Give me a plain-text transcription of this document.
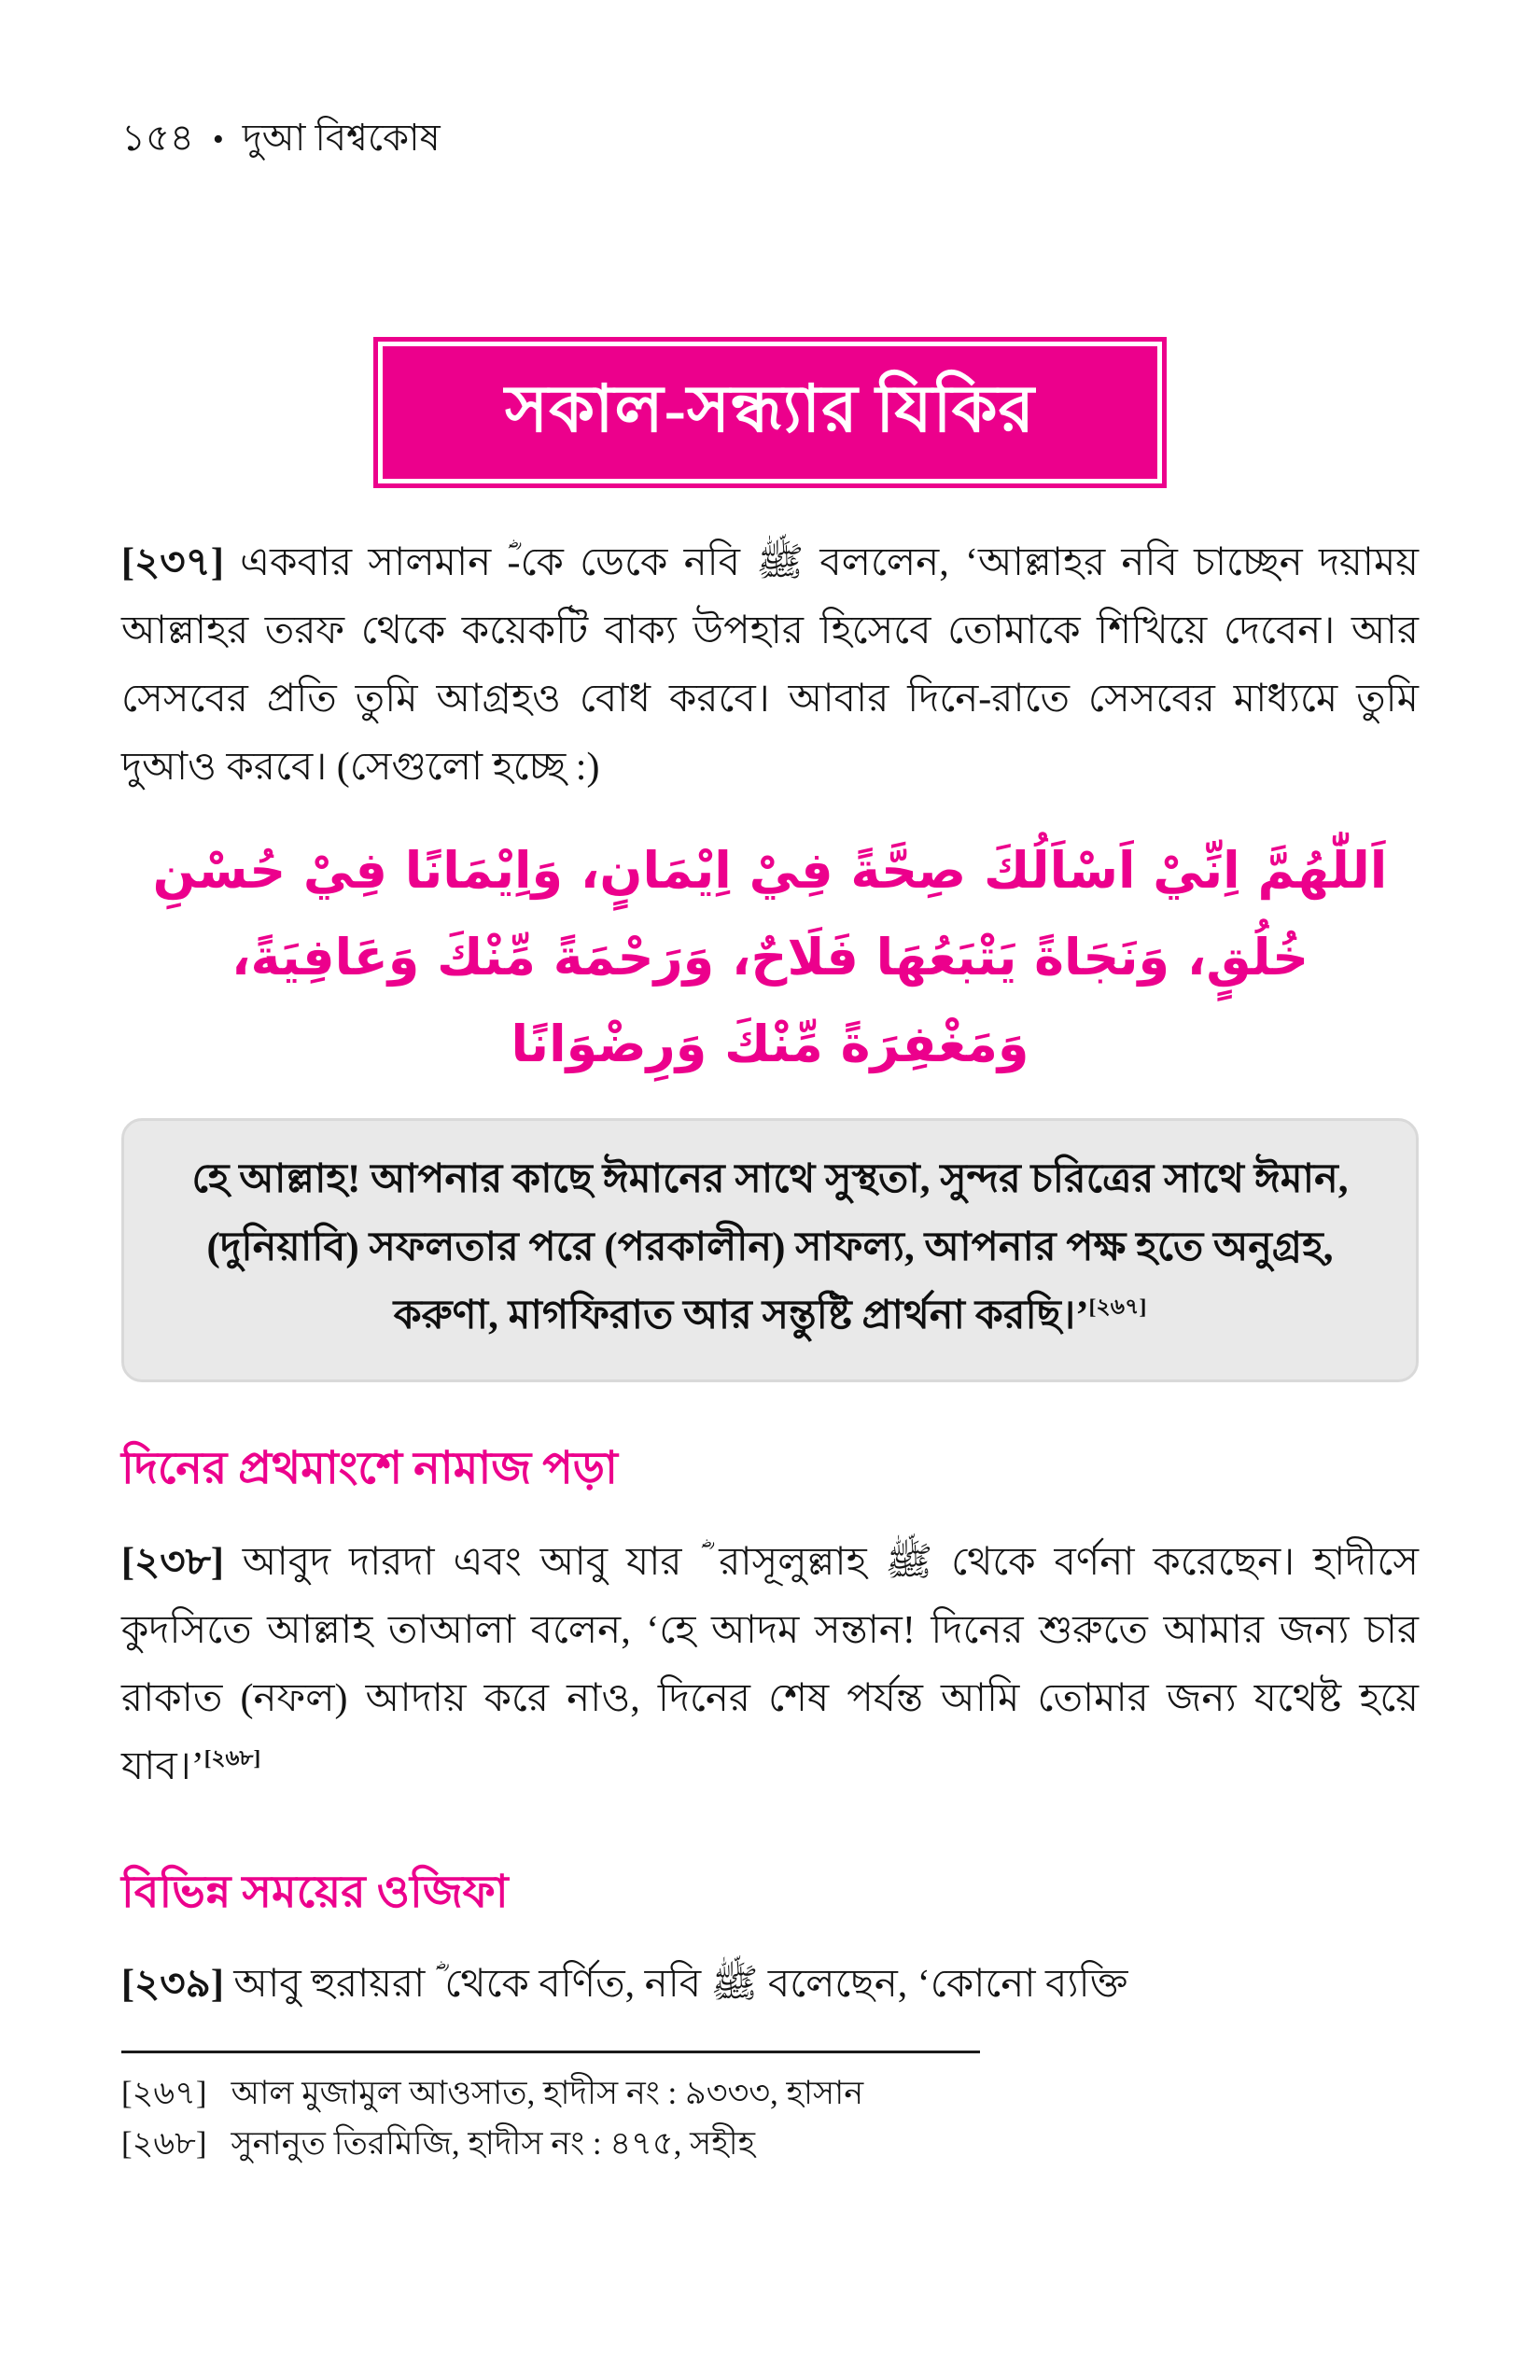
১৫৪ • দুআ বিশ্বকোষ
সকাল-সন্ধ্যার যিকির

[২৩৭] একবার সালমান ؓ-কে ডেকে নবি ﷺ বললেন, ‘আল্লাহর নবি চাচ্ছেন দয়াময় আল্লাহর তরফ থেকে কয়েকটি বাক্য উপহার হিসেবে তোমাকে শিখিয়ে দেবেন। আর সেসবের প্রতি তুমি আগ্রহও বোধ করবে। আবার দিনে-রাতে সেসবের মাধ্যমে তুমি দুআও করবে। (সেগুলো হচ্ছে :)

اَللّٰهُمَّ اِنِّيْ اَسْاَلُكَ صِحَّةً فِيْ اِيْمَانٍ، وَاِيْمَانًا فِيْ حُسْنِ
خُلُقٍ، وَنَجَاةً يَتْبَعُهَا فَلَاحٌ، وَرَحْمَةً مِّنْكَ وَعَافِيَةً،
وَمَغْفِرَةً مِّنْكَ وَرِضْوَانًا
হে আল্লাহ! আপনার কাছে ঈমানের সাথে সুস্থতা, সুন্দর চরিত্রের সাথে ঈমান, (দুনিয়াবি) সফলতার পরে (পরকালীন) সাফল্য, আপনার পক্ষ হতে অনুগ্রহ, করুণা, মাগফিরাত আর সন্তুষ্টি প্রার্থনা করছি।’[২৬৭]
দিনের প্রথমাংশে নামাজ পড়া

[২৩৮] আবুদ দারদা এবং আবু যার ؓ রাসূলুল্লাহ ﷺ থেকে বর্ণনা করেছেন। হাদীসে কুদসিতে আল্লাহ তাআলা বলেন, ‘হে আদম সন্তান! দিনের শুরুতে আমার জন্য চার রাকাত (নফল) আদায় করে নাও, দিনের শেষ পর্যন্ত আমি তোমার জন্য যথেষ্ট হয়ে যাব।’[২৬৮]

বিভিন্ন সময়ের ওজিফা

[২৩৯] আবু হুরায়রা ؓ থেকে বর্ণিত, নবি ﷺ বলেছেন, ‘কোনো ব্যক্তি

[২৬৭] আল মুজামুল আওসাত, হাদীস নং : ৯৩৩৩, হাসান
[২৬৮] সুনানুত তিরমিজি, হাদীস নং : ৪৭৫, সহীহ
